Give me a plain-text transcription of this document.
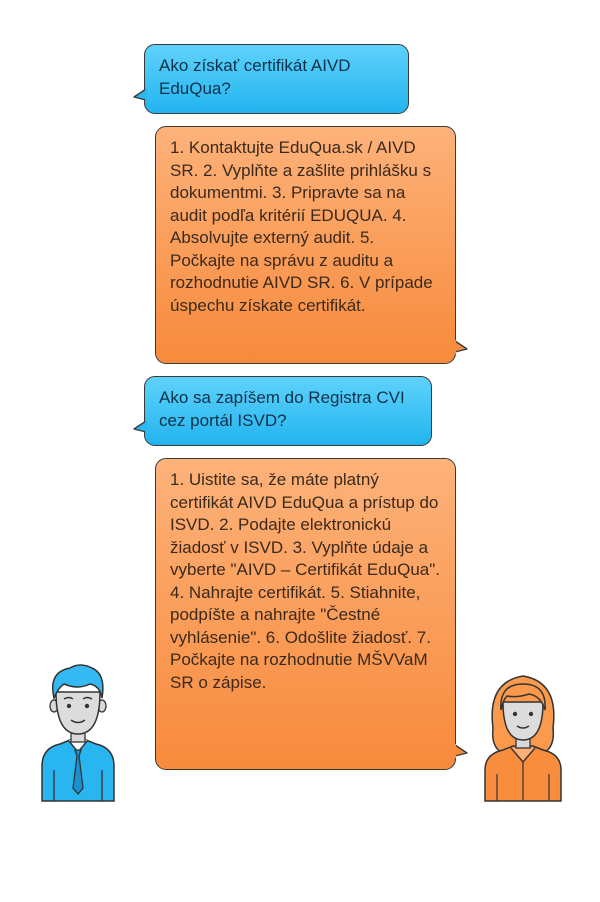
Ako získať certifikát AIVD EduQua?
1. Kontaktujte EduQua.sk / AIVD SR. 2. Vyplňte a zašlite prihlášku s dokumentmi. 3. Pripravte sa na audit podľa kritérií EDUQUA. 4. Absolvujte externý audit. 5. Počkajte na správu z auditu a rozhodnutie AIVD SR. 6. V prípade úspechu získate certifikát.
Ako sa zapíšem do Registra CVI cez portál ISVD?
1. Uistite sa, že máte platný certifikát AIVD EduQua a prístup do ISVD. 2. Podajte elektronickú žiadosť v ISVD. 3. Vyplňte údaje a vyberte "AIVD – Certifikát EduQua". 4. Nahrajte certifikát. 5. Stiahnite, podpíšte a nahrajte "Čestné vyhlásenie". 6. Odošlite žiadosť. 7. Počkajte na rozhodnutie MŠVVaM SR o zápise.
